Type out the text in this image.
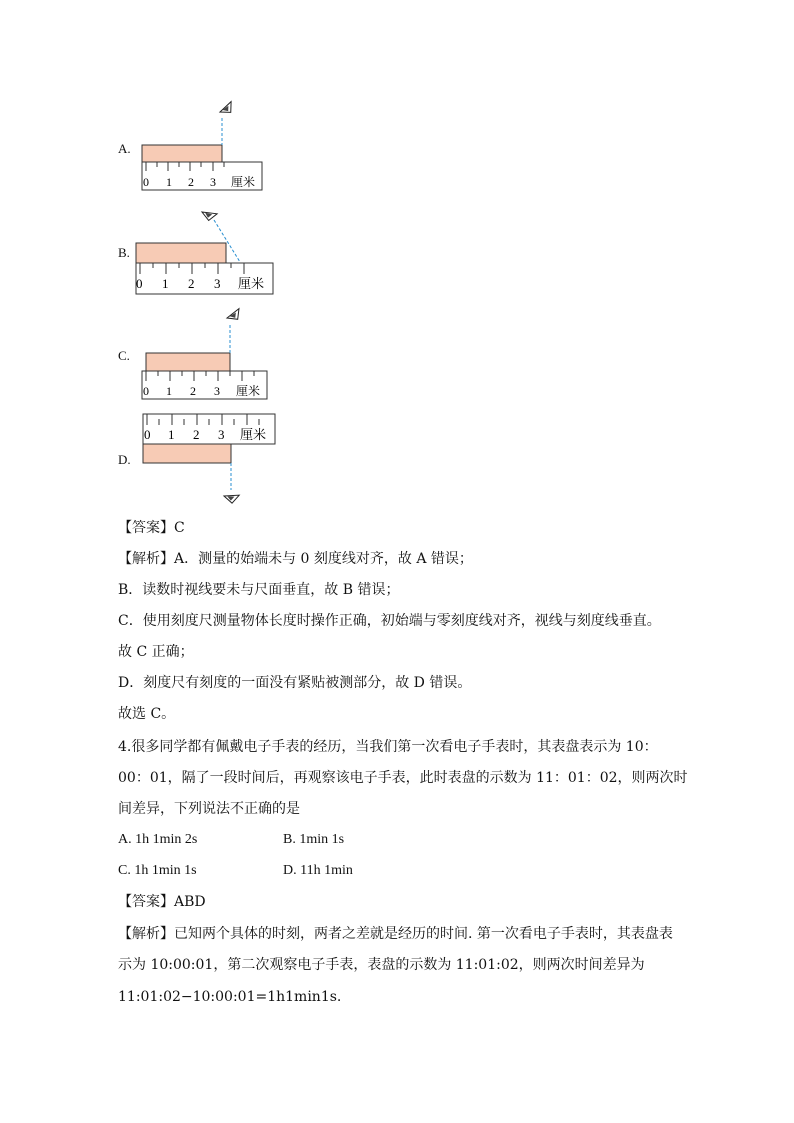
A.
B.
C.
D.
0 1 2 3 厘米
0 1 2 3 厘米
0 1 2 3 厘米
0 1 2 3 厘米
【答案】C
【解析】A．测量的始端未与 0 刻度线对齐，故 A 错误；
B．读数时视线要未与尺面垂直，故 B 错误；
C．使用刻度尺测量物体长度时操作正确，初始端与零刻度线对齐，视线与刻度线垂直。
故 C 正确；
D．刻度尺有刻度的一面没有紧贴被测部分，故 D 错误。
故选 C。
4.很多同学都有佩戴电子手表的经历，当我们第一次看电子手表时，其表盘表示为 10：
00：01，隔了一段时间后，再观察该电子手表，此时表盘的示数为 11：01：02，则两次时
间差异，下列说法不正确的是
A. 1h 1min 2s	B. 1min 1s
C. 1h 1min 1s	D. 11h 1min
【答案】ABD
【解析】已知两个具体的时刻，两者之差就是经历的时间. 第一次看电子手表时，其表盘表
示为 10:00:01，第二次观察电子手表，表盘的示数为 11:01:02，则两次时间差异为
11:01:02−10:00:01=1h1min1s.
